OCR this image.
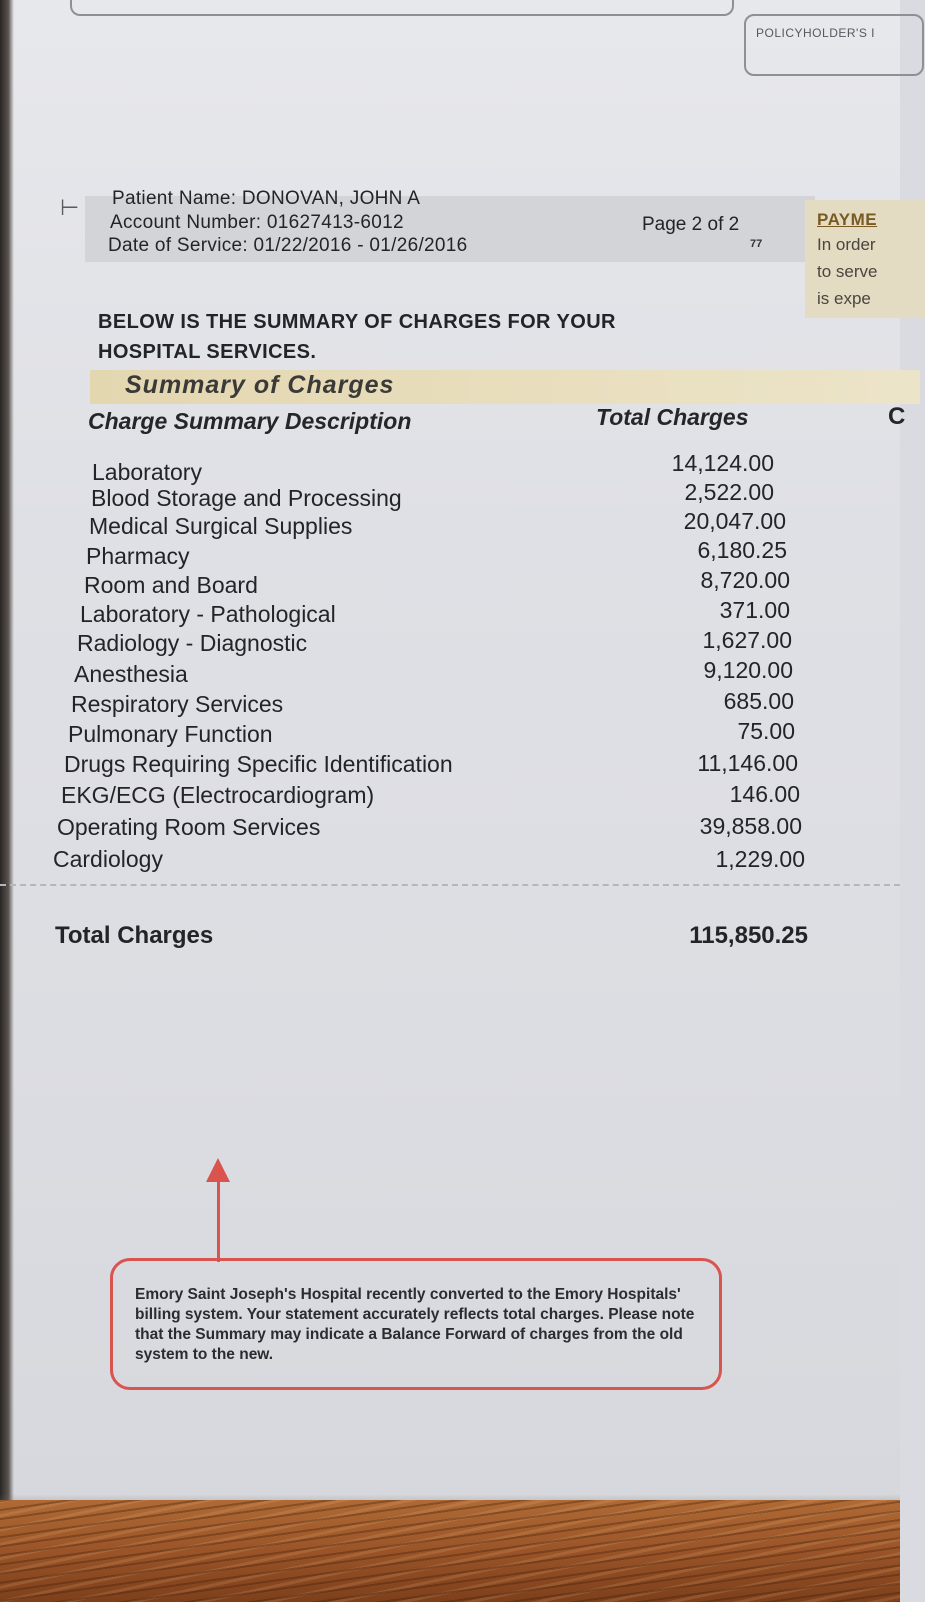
POLICYHOLDER'S I
⊢ Patient Name: DONOVAN, JOHN A
Account Number: 01627413-6012
Date of Service: 01/22/2016 - 01/26/2016
Page 2 of 2
77
PAYME
In order
to serve
is expe
BELOW IS THE SUMMARY OF CHARGES FOR YOUR
HOSPITAL SERVICES.
Summary of Charges
Charge Summary Description	Total Charges	C
Laboratory	14,124.00
Blood Storage and Processing	2,522.00
Medical Surgical Supplies	20,047.00
Pharmacy	6,180.25
Room and Board	8,720.00
Laboratory - Pathological	371.00
Radiology - Diagnostic	1,627.00
Anesthesia	9,120.00
Respiratory Services	685.00
Pulmonary Function	75.00
Drugs Requiring Specific Identification	11,146.00
EKG/ECG (Electrocardiogram)	146.00
Operating Room Services	39,858.00
Cardiology	1,229.00
Total Charges	115,850.25

Emory Saint Joseph's Hospital recently converted to the Emory Hospitals' billing system. Your statement accurately reflects total charges. Please note that the Summary may indicate a Balance Forward of charges from the old system to the new.
